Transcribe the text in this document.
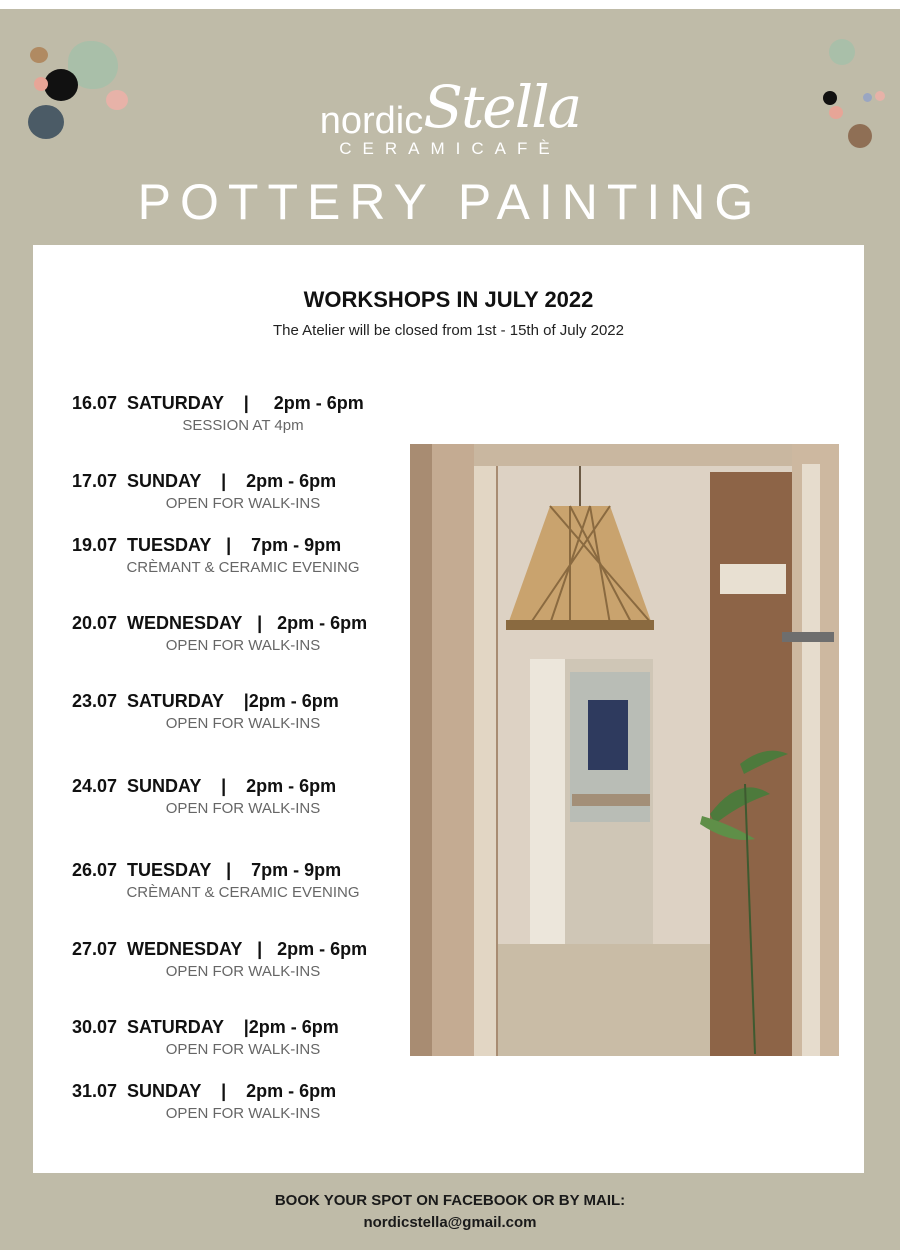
nordicStella
CERAMICAFÈ
POTTERY PAINTING
WORKSHOPS IN JULY 2022
The Atelier will be closed from 1st - 15th of July 2022
16.07  SATURDAY    |     2pm - 6pm
SESSION AT 4pm
17.07  SUNDAY    |    2pm - 6pm
OPEN FOR WALK-INS
19.07  TUESDAY   |    7pm - 9pm
CRÈMANT & CERAMIC EVENING
20.07  WEDNESDAY   |   2pm - 6pm
OPEN FOR WALK-INS
23.07  SATURDAY    |2pm - 6pm
OPEN FOR WALK-INS
24.07  SUNDAY    |    2pm - 6pm
OPEN FOR WALK-INS
26.07  TUESDAY   |    7pm - 9pm
CRÈMANT & CERAMIC EVENING
27.07  WEDNESDAY   |   2pm - 6pm
OPEN FOR WALK-INS
30.07  SATURDAY    |2pm - 6pm
OPEN FOR WALK-INS
31.07  SUNDAY    |    2pm - 6pm
OPEN FOR WALK-INS
BOOK YOUR SPOT ON FACEBOOK OR BY MAIL:
nordicstella@gmail.com
